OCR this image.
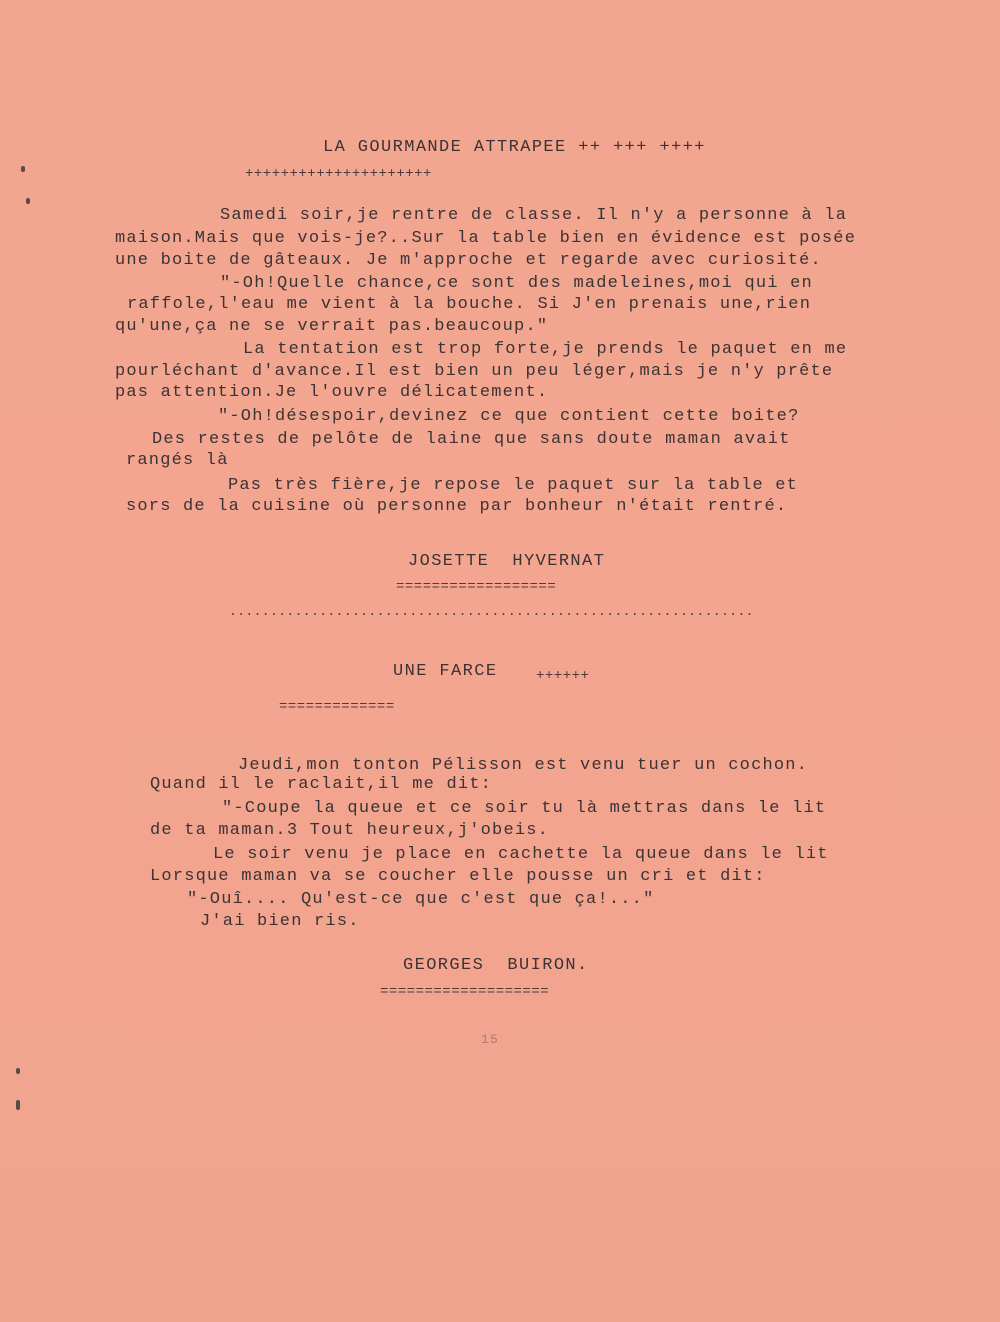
LA GOURMANDE ATTRAPEE ++ +++ ++++
+++++++++++++++++++++
Samedi soir,je rentre de classe. Il n'y a personne à la
maison.Mais que vois-je?..Sur la table bien en évidence est posée
une boite de gâteaux. Je m'approche et regarde avec curiosité.
"-Oh!Quelle chance,ce sont des madeleines,moi qui en
raffole,l'eau me vient à la bouche. Si J'en prenais une,rien
qu'une,ça ne se verrait pas.beaucoup."
La tentation est trop forte,je prends le paquet en me
pourléchant d'avance.Il est bien un peu léger,mais je n'y prête
pas attention.Je l'ouvre délicatement.
"-Oh!désespoir,devinez ce que contient cette boite?
Des restes de pelôte de laine que sans doute maman avait
rangés là
Pas très fière,je repose le paquet sur la table et
sors de la cuisine où personne par bonheur n'était rentré.
JOSETTE  HYVERNAT
==================
................................................................
UNE FARCE	++++++
=============
Jeudi,mon tonton Pélisson est venu tuer un cochon.
Quand il le raclait,il me dit:
"-Coupe la queue et ce soir tu là mettras dans le lit
de ta maman.3 Tout heureux,j'obeis.
Le soir venu je place en cachette la queue dans le lit
Lorsque maman va se coucher elle pousse un cri et dit:
"-Ouî.... Qu'est-ce que c'est que ça!..."
J'ai bien ris.
GEORGES  BUIRON.
===================
15
